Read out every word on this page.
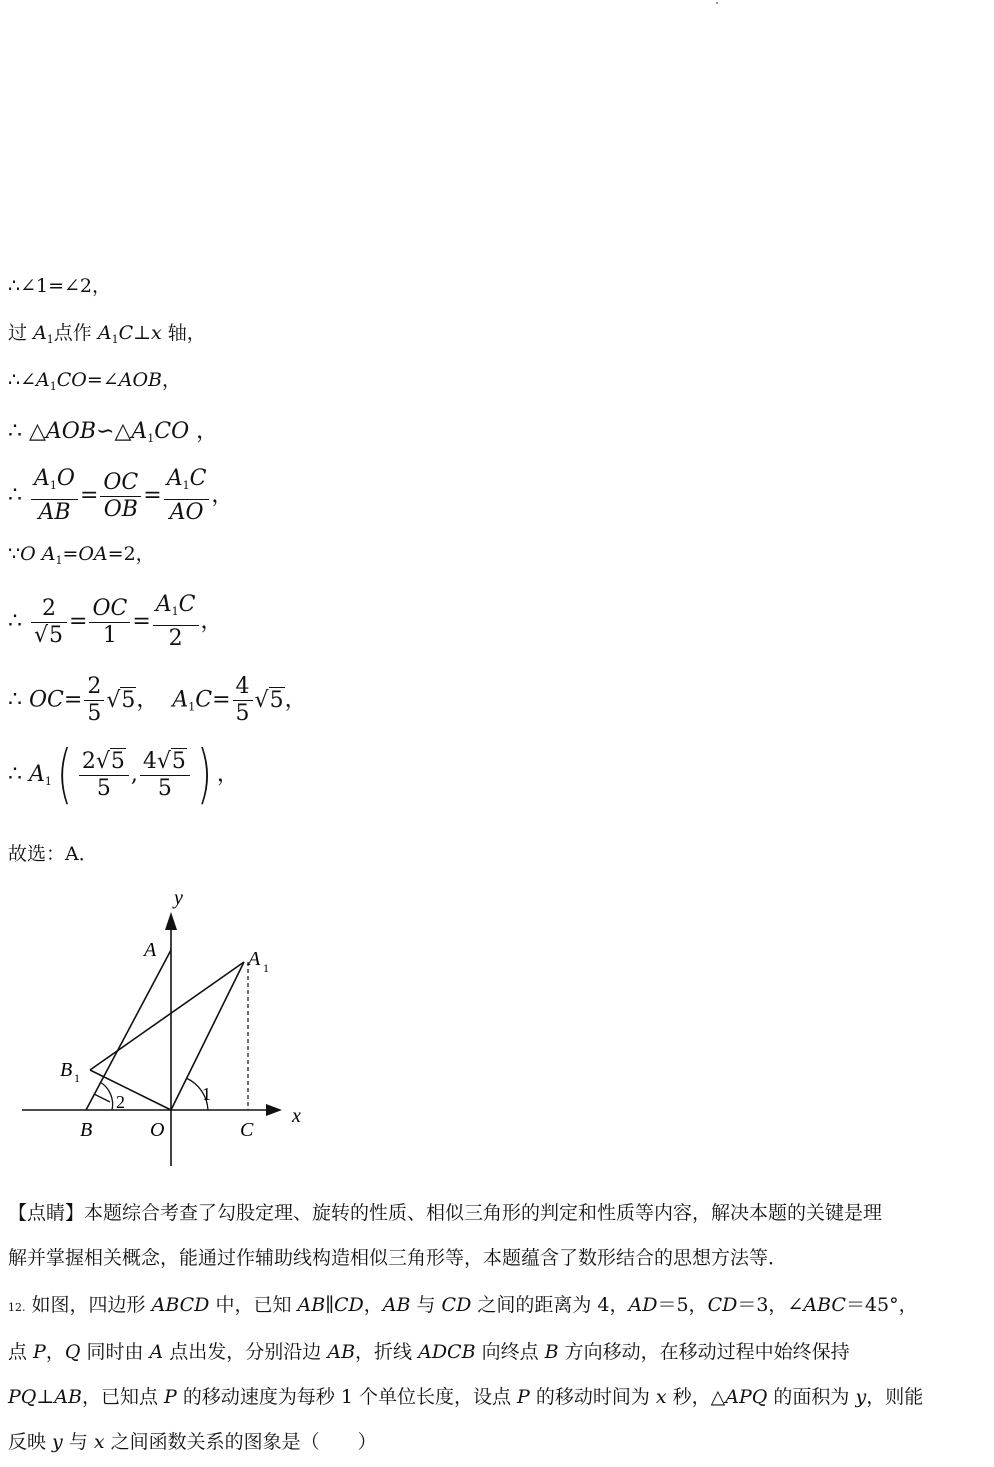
∴∠1=∠2，
过 $A_1$点作 $A_1C\perp x$ 轴，
$\therefore\angle A_1CO=\angle AOB$，
∴ $\triangle AOB∽\triangle A_1CO$ ，
∴ $\frac{A_1O}{AB} = \frac{OC}{OB} = \frac{A_1C}{AO}$ ，
∵O $A_1=OA=2$，
∴ $\frac{2}{√5} = \frac{OC}{1} = \frac{A_1C}{2}$ ，
∴ $OC= \frac{2}{5} √5$， $A_1C= \frac{4}{5} √5$，
∴ $A_1( \frac{2√5}{5}$ , $\frac{4√5}{5}$ ) ，
故选：A．
y
x
A	A 1
B 1
B	O	C
1
2
【点睛】本题综合考查了勾股定理、旋转的性质、相似三角形的判定和性质等内容，解决本题的关键是理
解并掌握相关概念，能通过作辅助线构造相似三角形等，本题蕴含了数形结合的思想方法等．
12. 如图，四边形 ABCD 中，已知 AB∥CD，AB 与 CD 之间的距离为 4，AD＝5，CD＝3，∠ABC＝45°，
点 P，Q 同时由 A 点出发，分别沿边 AB，折线 ADCB 向终点 B 方向移动，在移动过程中始终保持
PQ⊥AB，已知点 P 的移动速度为每秒 1 个单位长度，设点 P 的移动时间为 x 秒，△APQ 的面积为 y，则能
反映 y 与 x 之间函数关系的图象是（　　）
